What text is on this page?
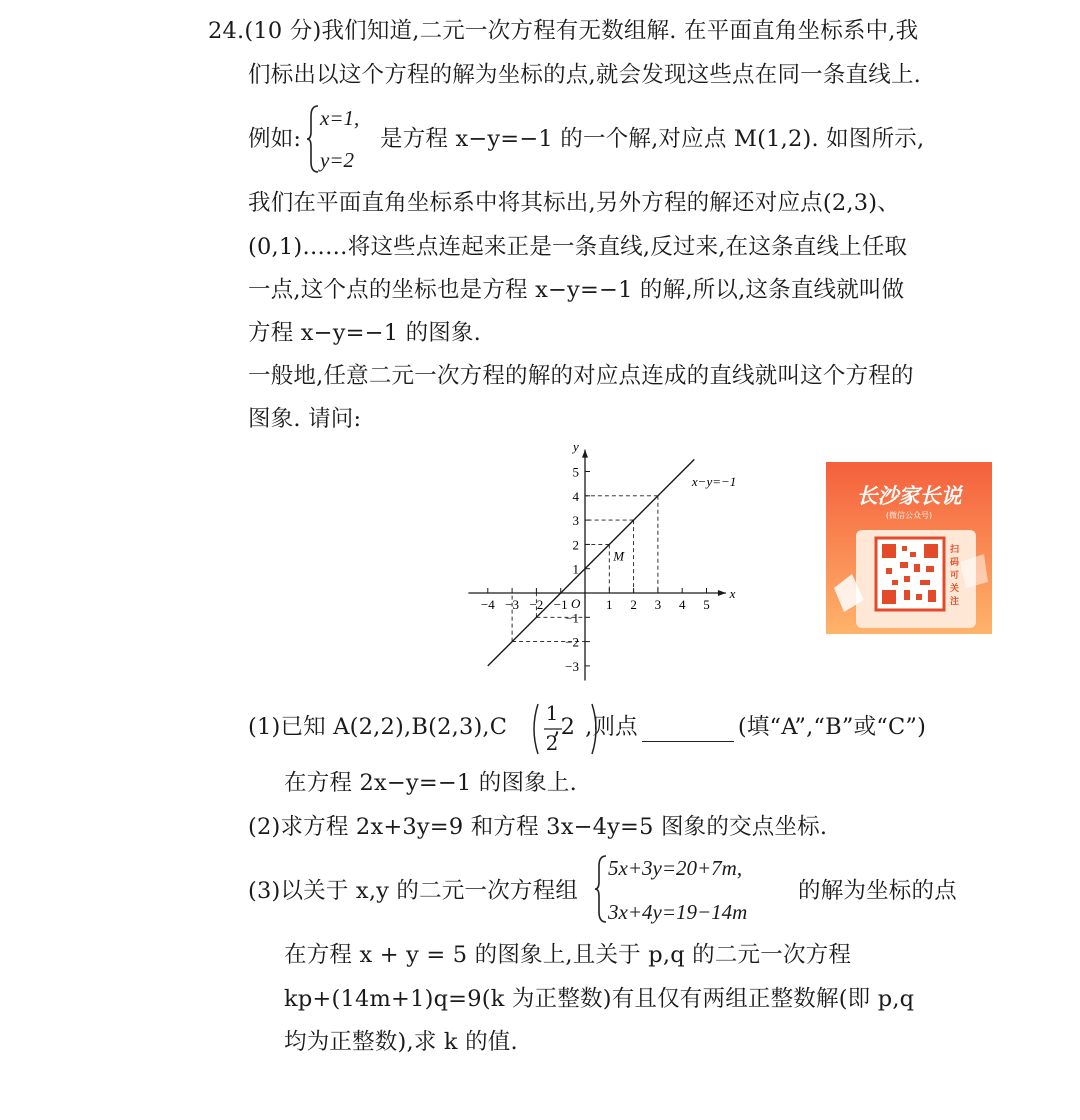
24.(10 分)我们知道,二元一次方程有无数组解. 在平面直角坐标系中,我
们标出以这个方程的解为坐标的点,就会发现这些点在同一条直线上.
例如:
x=1,
y=2
是方程 x−y=−1 的一个解,对应点 M(1,2). 如图所示,
我们在平面直角坐标系中将其标出,另外方程的解还对应点(2,3)、
(0,1)……将这些点连起来正是一条直线,反过来,在这条直线上任取
一点,这个点的坐标也是方程 x−y=−1 的解,所以,这条直线就叫做
方程 x−y=−1 的图象.
一般地,任意二元一次方程的解的对应点连成的直线就叫这个方程的
图象. 请问:
x
y
O
−4 −3 −2 −1	1 2 3 4 5
5
4
3
2
1
−1
−2
−3
x−y=−1
M
长沙家长说
(微信公众号)
扫码可关注
(1)已知 A(2,2),B(2,3),C ,2 ,则点	(填“A”,“B”或“C”)
1
2
在方程 2x−y=−1 的图象上.
(2)求方程 2x+3y=9 和方程 3x−4y=5 图象的交点坐标.
(3)以关于 x,y 的二元一次方程组
5x+3y=20+7m,
3x+4y=19−14m
的解为坐标的点
在方程 x + y = 5 的图象上,且关于 p,q 的二元一次方程
kp+(14m+1)q=9(k 为正整数)有且仅有两组正整数解(即 p,q
均为正整数),求 k 的值.
